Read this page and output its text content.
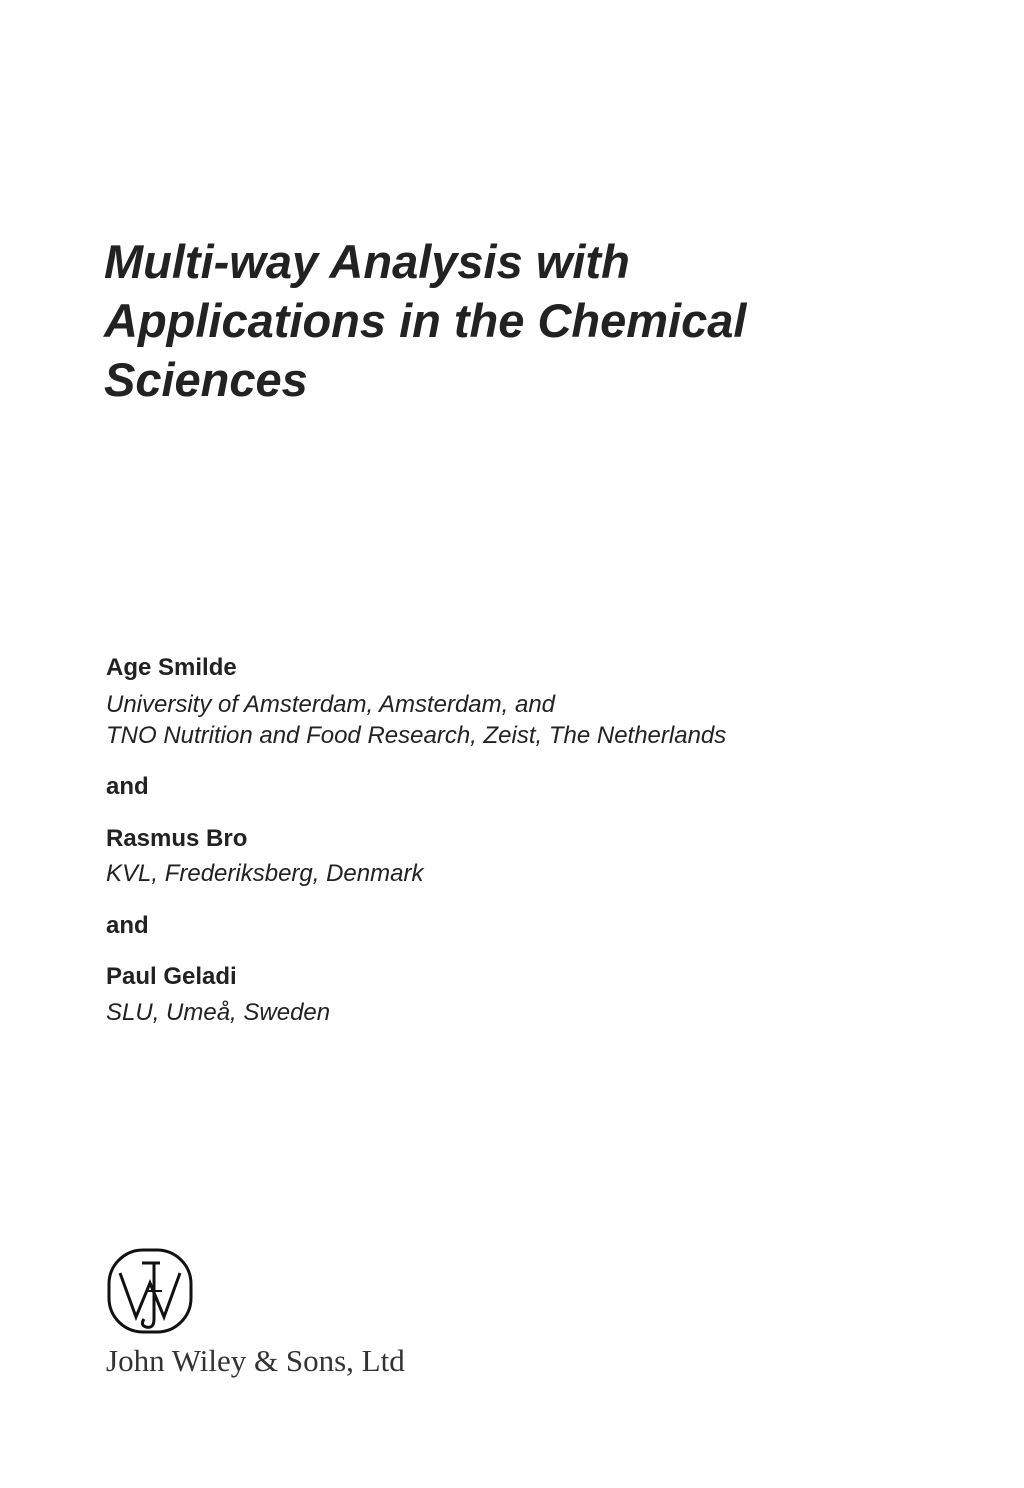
Multi-way Analysis with
Applications in the Chemical
Sciences
Age Smilde
University of Amsterdam, Amsterdam, and
TNO Nutrition and Food Research, Zeist, The Netherlands
and
Rasmus Bro
KVL, Frederiksberg, Denmark
and
Paul Geladi
SLU, Umeå, Sweden
John Wiley & Sons, Ltd
